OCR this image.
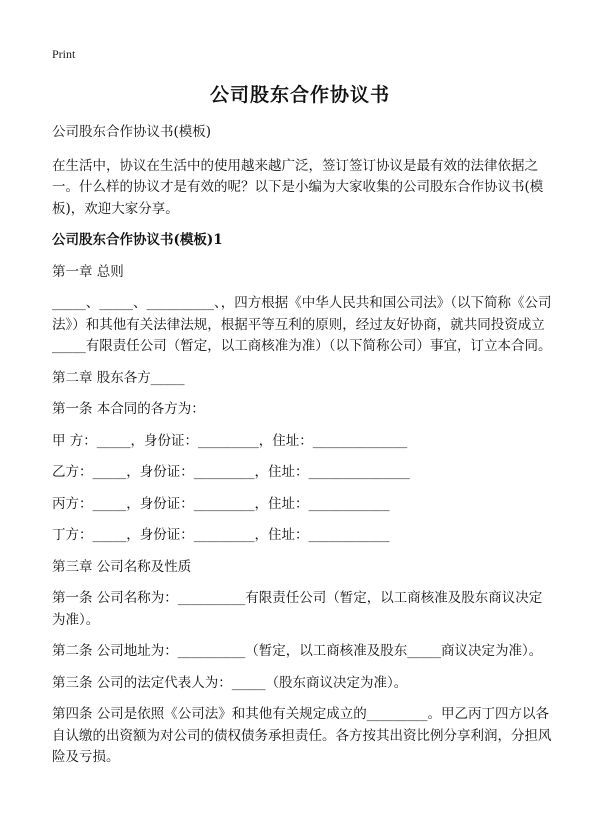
Print
公司股东合作协议书

公司股东合作协议书(模板)

在生活中，协议在生活中的使用越来越广泛，签订签订协议是最有效的法律依据之一。什么样的协议才是有效的呢？以下是小编为大家收集的公司股东合作协议书(模板)，欢迎大家分享。

公司股东合作协议书(模板)1

第一章 总则

_____、_____、__________、，四方根据《中华人民共和国公司法》（以下简称《公司法》）和其他有关法律法规，根据平等互利的原则，经过友好协商，就共同投资成立_____有限责任公司（暂定，以工商核准为准）（以下简称公司）事宜，订立本合同。

第二章 股东各方_____

第一条 本合同的各方为：

甲 方：_____，身份证：_________，住址：______________

乙方：_____，身份证：_________，住址：_______________

丙方：_____，身份证：_________，住址：____________

丁方：_____，身份证：_________，住址：____________

第三章 公司名称及性质

第一条 公司名称为：__________有限责任公司（暂定，以工商核准及股东商议决定为准）。

第二条 公司地址为：__________（暂定，以工商核准及股东_____商议决定为准）。

第三条 公司的法定代表人为：_____（股东商议决定为准）。

第四条 公司是依照《公司法》和其他有关规定成立的_________。甲乙丙丁四方以各自认缴的出资额为对公司的债权债务承担责任。各方按其出资比例分享利润，分担风险及亏损。
